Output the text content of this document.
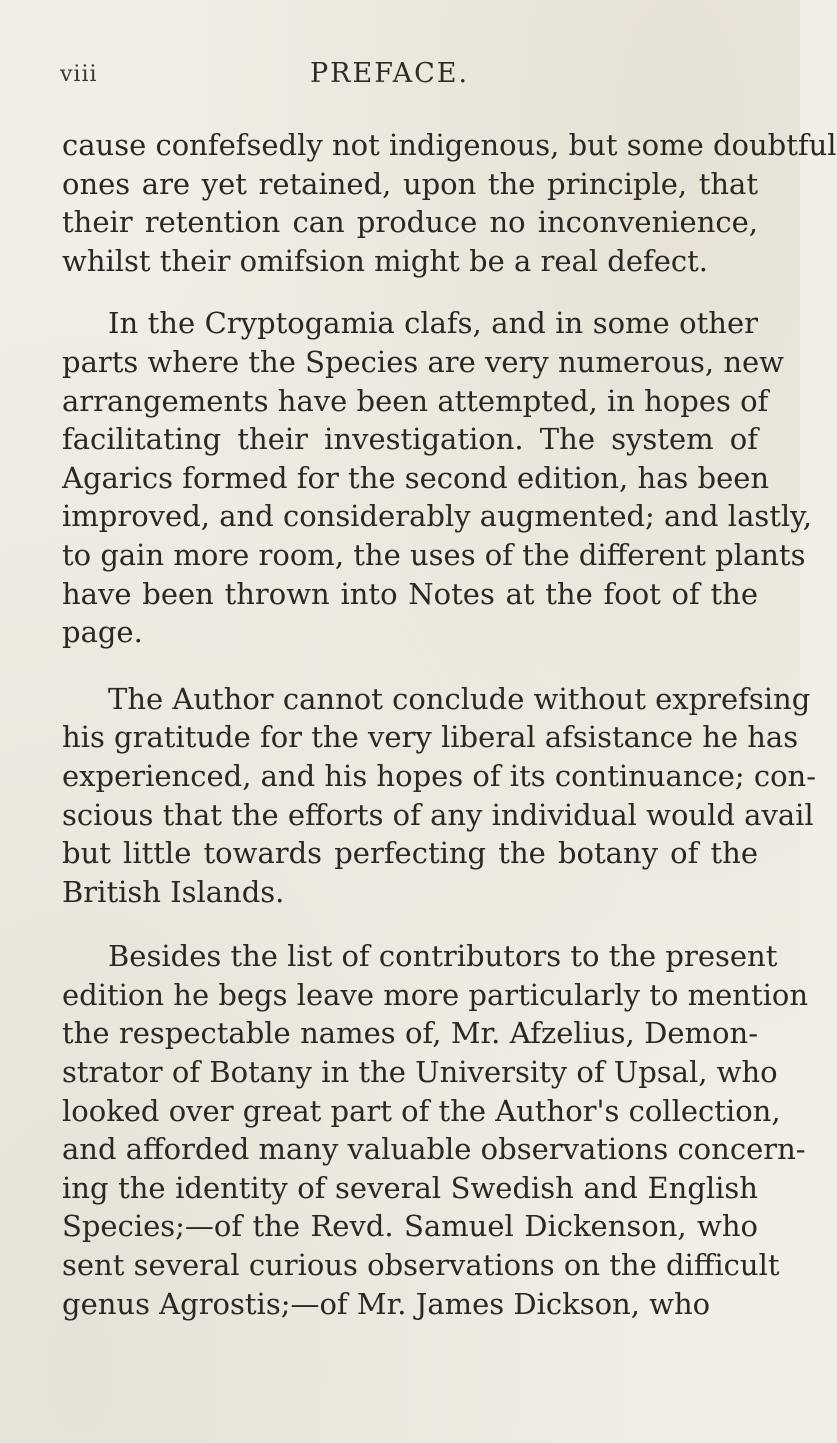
viii	PREFACE.
cause confefsedly not indigenous, but some doubtful
ones are yet retained, upon the principle, that
their retention can produce no inconvenience,
whilst their omifsion might be a real defect.
In the Cryptogamia clafs, and in some other
parts where the Species are very numerous, new
arrangements have been attempted, in hopes of
facilitating their investigation. The system of
Agarics formed for the second edition, has been
improved, and considerably augmented; and lastly,
to gain more room, the uses of the different plants
have been thrown into Notes at the foot of the
page.
The Author cannot conclude without exprefsing
his gratitude for the very liberal afsistance he has
experienced, and his hopes of its continuance; con-
scious that the efforts of any individual would avail
but little towards perfecting the botany of the
British Islands.
Besides the list of contributors to the present
edition he begs leave more particularly to mention
the respectable names of, Mr. Afzelius, Demon-
strator of Botany in the University of Upsal, who
looked over great part of the Author's collection,
and afforded many valuable observations concern-
ing the identity of several Swedish and English
Species;—of the Revd. Samuel Dickenson, who
sent several curious observations on the difficult
genus Agrostis;—of Mr. James Dickson, who
